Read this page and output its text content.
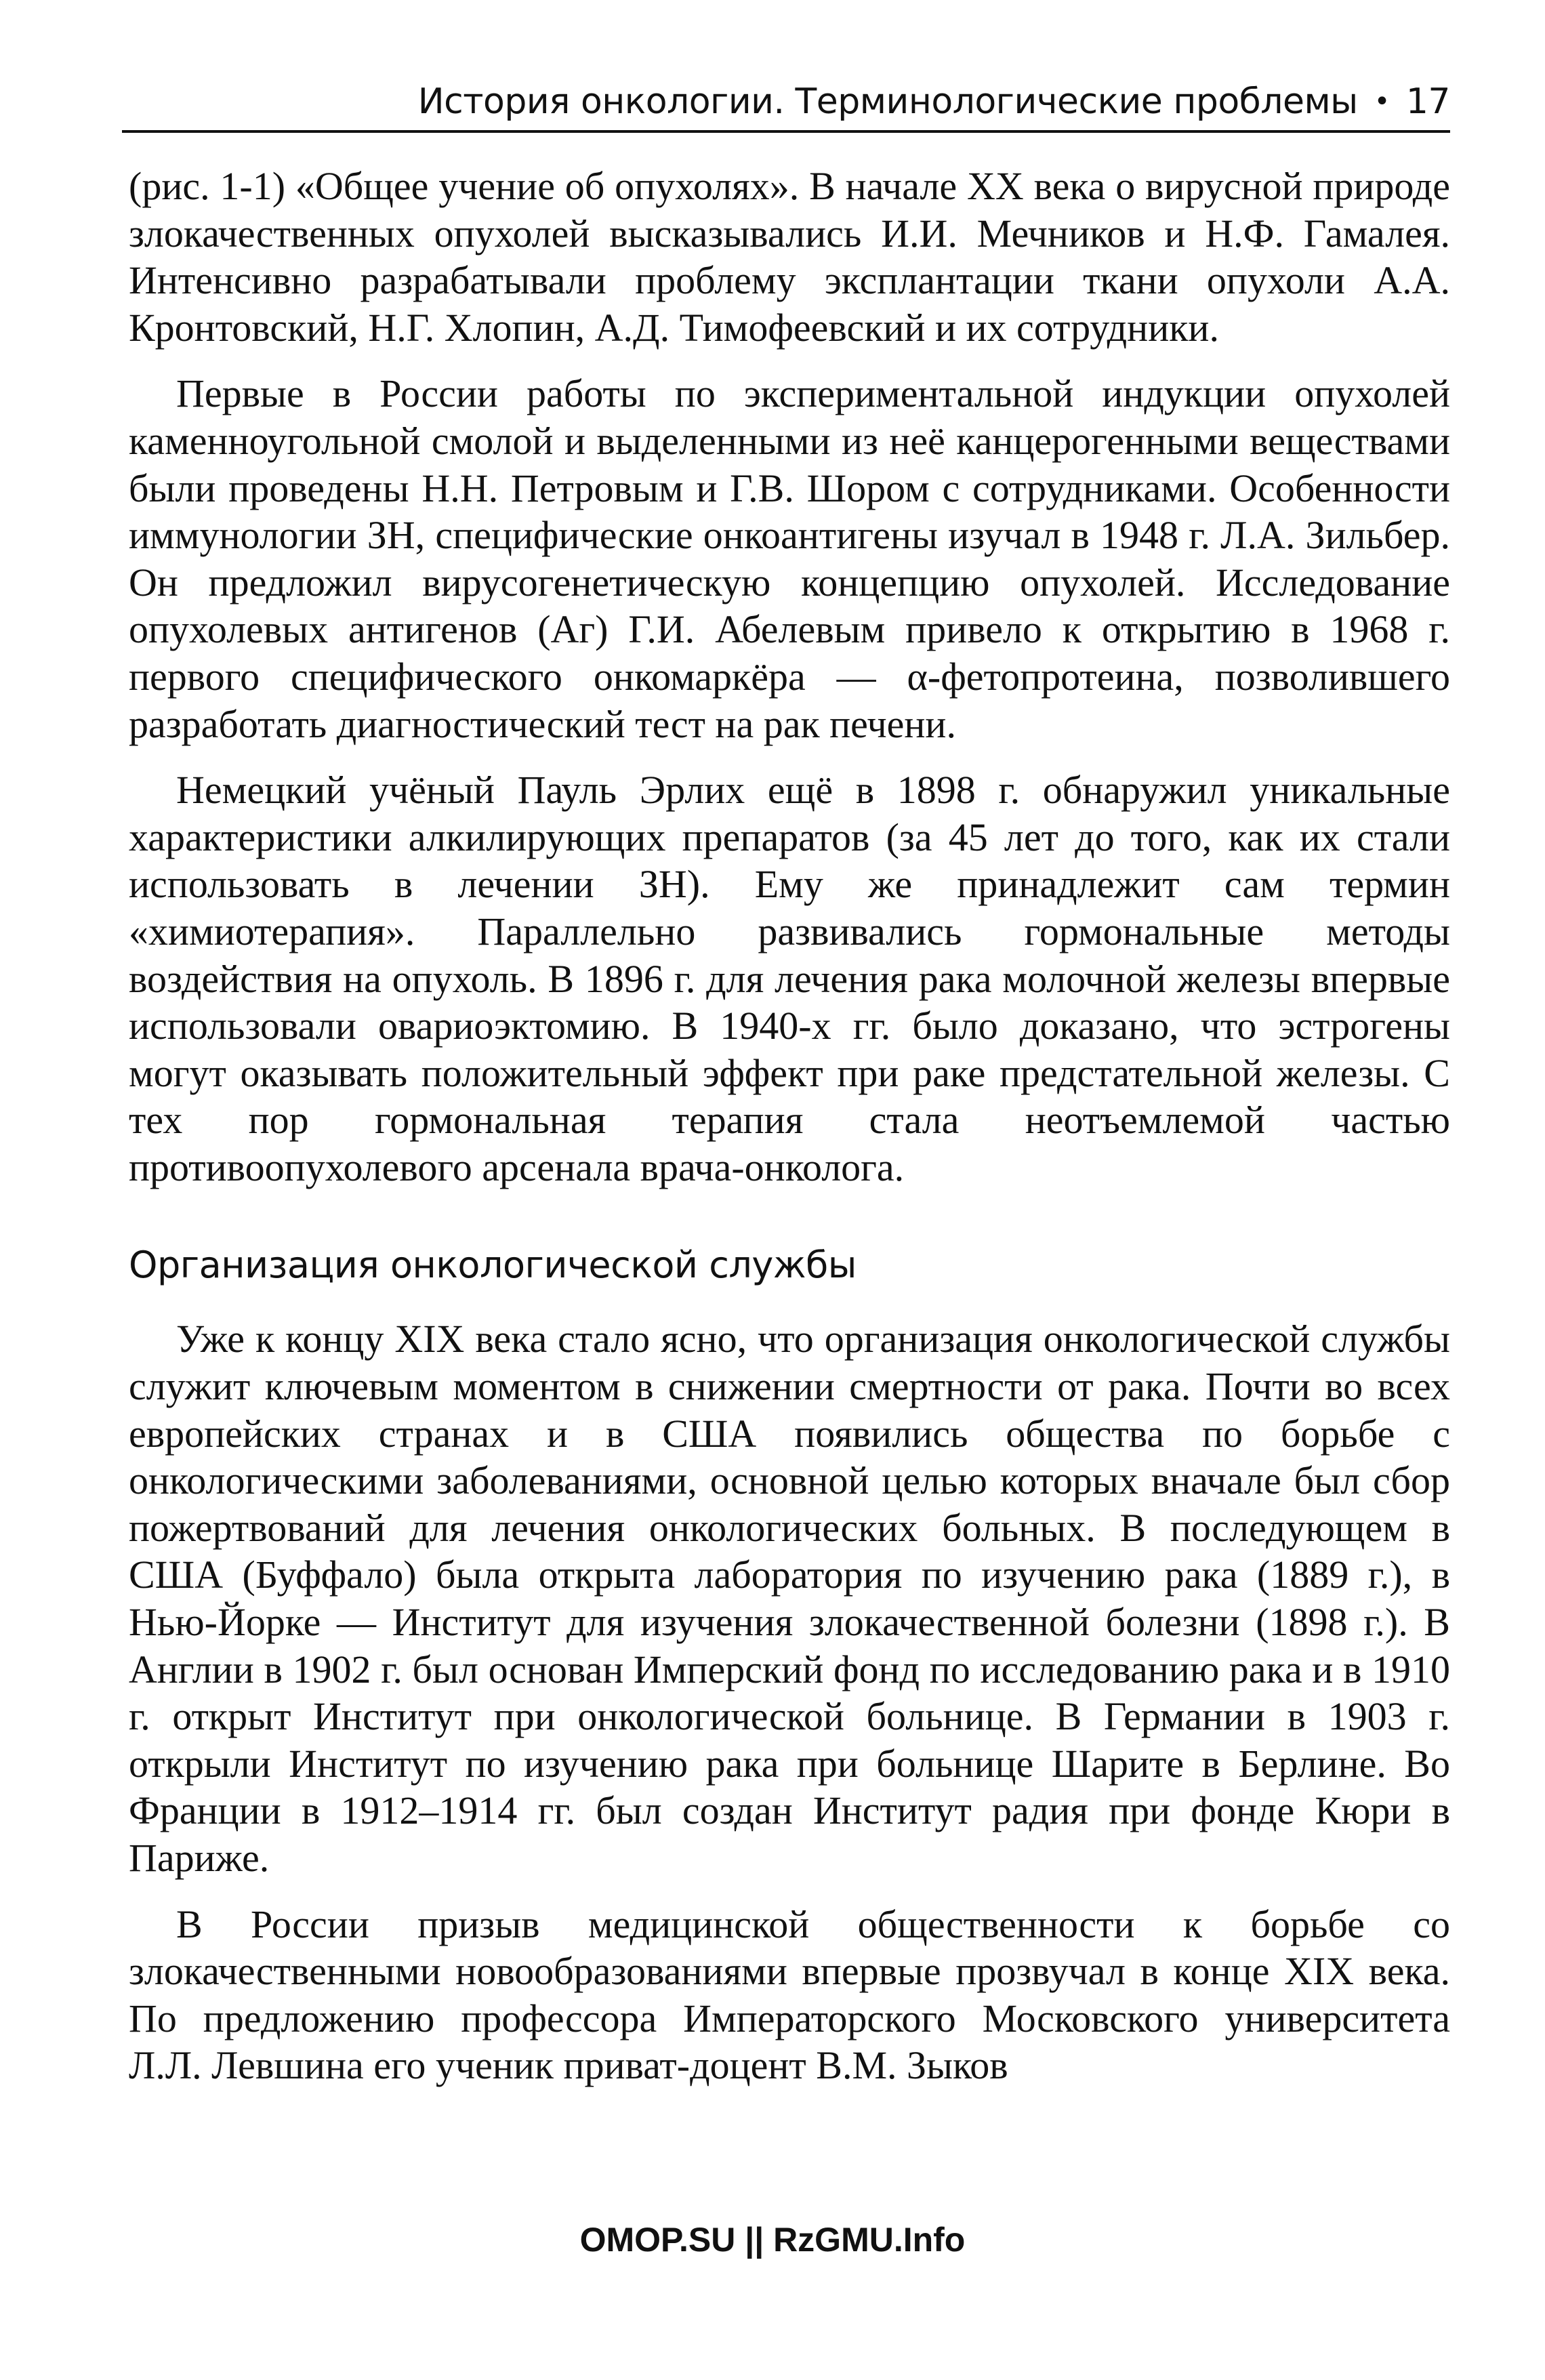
История онкологии. Терминологические проблемы • 17

(рис. 1-1) «Общее учение об опухолях». В начале XX века о вирусной природе злокачественных опухолей высказывались И.И. Мечников и Н.Ф. Гамалея. Интенсивно разрабатывали проблему эксплантации ткани опухоли А.А. Кронтовский, Н.Г. Хлопин, А.Д. Тимофеевский и их сотрудники.

Первые в России работы по экспериментальной индукции опухолей каменноугольной смолой и выделенными из неё канцерогенными веществами были проведены Н.Н. Петровым и Г.В. Шором с сотрудниками. Особенности иммунологии ЗН, специфические онкоантигены изучал в 1948 г. Л.А. Зильбер. Он предложил вирусогенетическую концепцию опухолей. Исследование опухолевых антигенов (Аг) Г.И. Абелевым привело к открытию в 1968 г. первого специфического онкомаркёра — α-фетопротеина, позволившего разработать диагностический тест на рак печени.

Немецкий учёный Пауль Эрлих ещё в 1898 г. обнаружил уникальные характеристики алкилирующих препаратов (за 45 лет до того, как их стали использовать в лечении ЗН). Ему же принадлежит сам термин «химиотерапия». Параллельно развивались гормональные методы воздействия на опухоль. В 1896 г. для лечения рака молочной железы впервые использовали овариоэктомию. В 1940-х гг. было доказано, что эстрогены могут оказывать положительный эффект при раке предстательной железы. С тех пор гормональная терапия стала неотъемлемой частью противоопухолевого арсенала врача-онколога.

Организация онкологической службы

Уже к концу XIX века стало ясно, что организация онкологической службы служит ключевым моментом в снижении смертности от рака. Почти во всех европейских странах и в США появились общества по борьбе с онкологическими заболеваниями, основной целью которых вначале был сбор пожертвований для лечения онкологических больных. В последующем в США (Буффало) была открыта лаборатория по изучению рака (1889 г.), в Нью-Йорке — Институт для изучения злокачественной болезни (1898 г.). В Англии в 1902 г. был основан Имперский фонд по исследованию рака и в 1910 г. открыт Институт при онкологической больнице. В Германии в 1903 г. открыли Институт по изучению рака при больнице Шарите в Берлине. Во Франции в 1912–1914 гг. был создан Институт радия при фонде Кюри в Париже.

В России призыв медицинской общественности к борьбе со злокачественными новообразованиями впервые прозвучал в конце XIX века. По предложению профессора Императорского Московского университета Л.Л. Левшина его ученик приват-доцент В.М. Зыков

OMOP.SU || RzGMU.Info
